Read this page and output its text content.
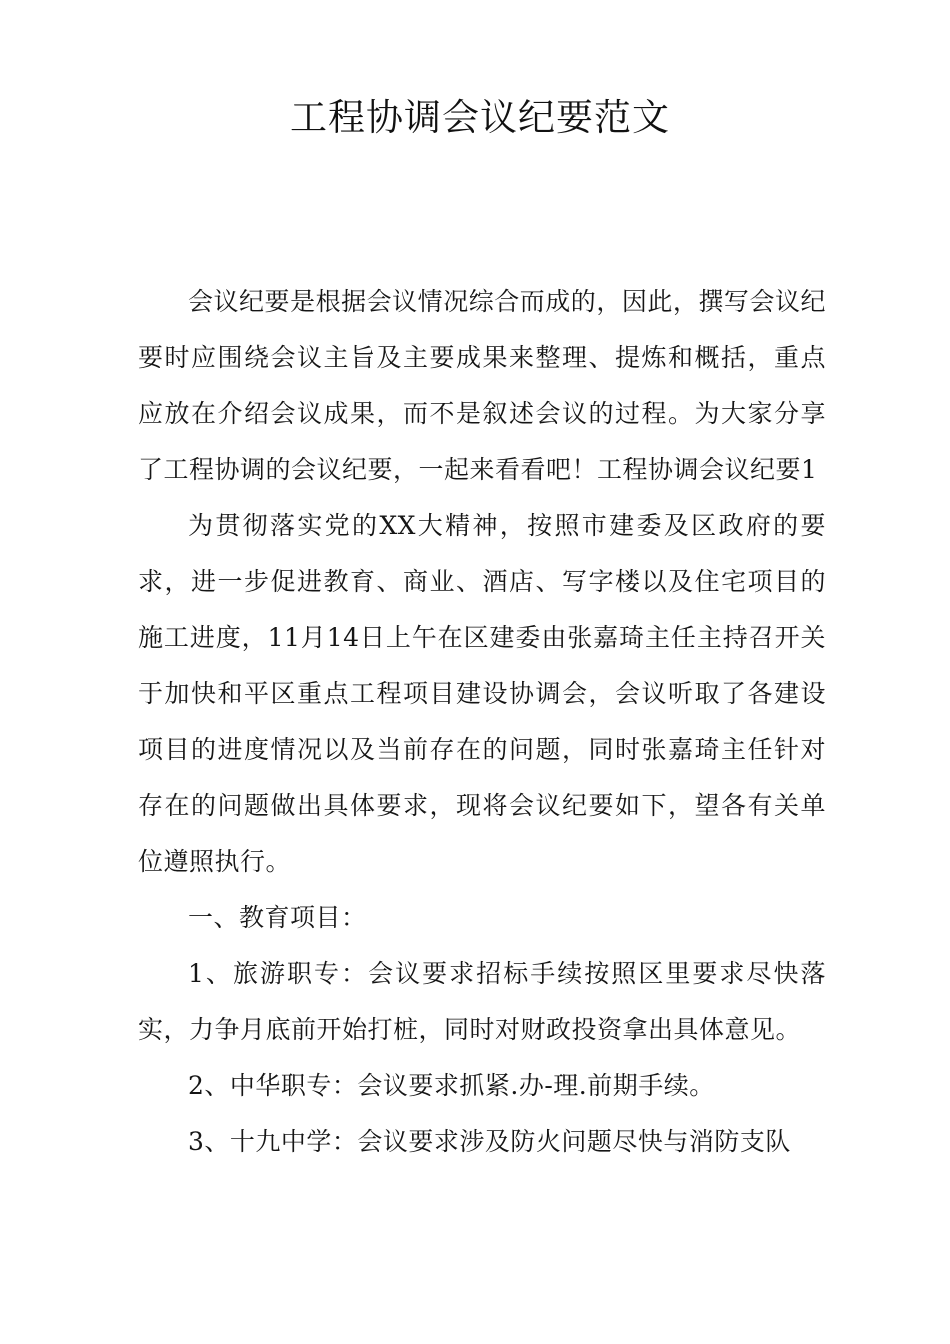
工程协调会议纪要范文

会议纪要是根据会议情况综合而成的，因此，撰写会议纪要时应围绕会议主旨及主要成果来整理、提炼和概括，重点应放在介绍会议成果，而不是叙述会议的过程。为大家分享了工程协调的会议纪要，一起来看看吧！工程协调会议纪要1

为贯彻落实党的XX大精神，按照市建委及区政府的要求，进一步促进教育、商业、酒店、写字楼以及住宅项目的施工进度，11月14日上午在区建委由张嘉琦主任主持召开关于加快和平区重点工程项目建设协调会，会议听取了各建设项目的进度情况以及当前存在的问题，同时张嘉琦主任针对存在的问题做出具体要求，现将会议纪要如下，望各有关单位遵照执行。

一、教育项目：

1、旅游职专：会议要求招标手续按照区里要求尽快落实，力争月底前开始打桩，同时对财政投资拿出具体意见。

2、中华职专：会议要求抓紧.办-理.前期手续。

3、十九中学：会议要求涉及防火问题尽快与消防支队
